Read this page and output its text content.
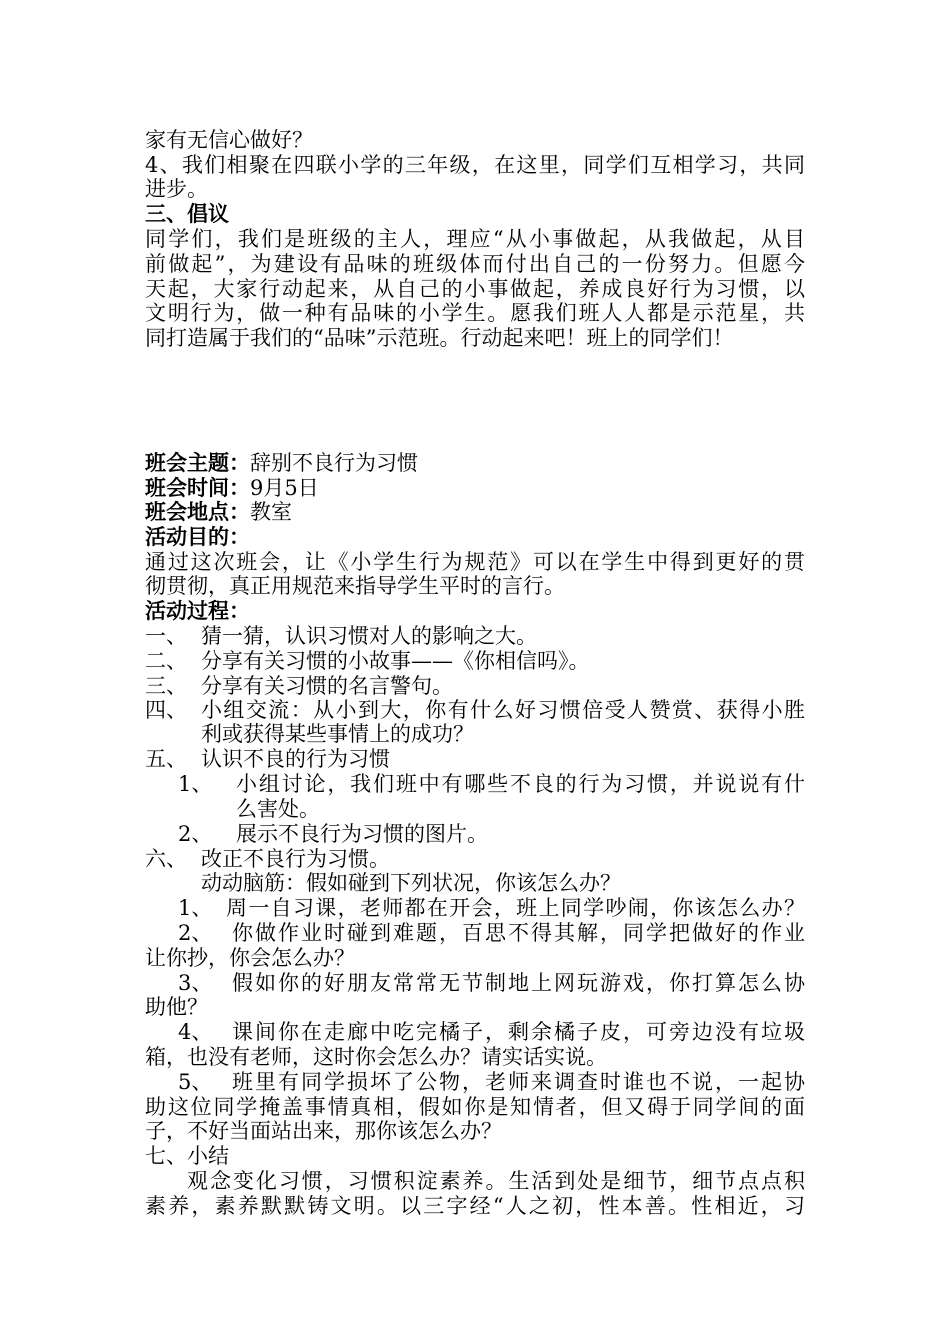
家有无信心做好？
4、我们相聚在四联小学的三年级，在这里，同学们互相学习，共同
进步。
三、倡议
同学们，我们是班级的主人，理应“从小事做起，从我做起，从目
前做起”，为建设有品味的班级体而付出自己的一份努力。但愿今
天起，大家行动起来，从自己的小事做起，养成良好行为习惯，以
文明行为，做一种有品味的小学生。愿我们班人人都是示范星，共
同打造属于我们的“品味”示范班。行动起来吧！班上的同学们！
班会主题：辞别不良行为习惯
班会时间：9月5日
班会地点：教室
活动目的：
通过这次班会，让《小学生行为规范》可以在学生中得到更好的贯
彻贯彻，真正用规范来指导学生平时的言行。
活动过程：
一、 猜一猜，认识习惯对人的影响之大。
二、 分享有关习惯的小故事——《你相信吗》。
三、 分享有关习惯的名言警句。
四、 小组交流：从小到大，你有什么好习惯倍受人赞赏、获得小胜
利或获得某些事情上的成功？
五、 认识不良的行为习惯
1、 小组讨论，我们班中有哪些不良的行为习惯，并说说有什
么害处。
2、 展示不良行为习惯的图片。
六、 改正不良行为习惯。
动动脑筋：假如碰到下列状况，你该怎么办？
1、 周一自习课，老师都在开会，班上同学吵闹，你该怎么办？
2、 你做作业时碰到难题，百思不得其解，同学把做好的作业
让你抄，你会怎么办？
3、 假如你的好朋友常常无节制地上网玩游戏，你打算怎么协
助他？
4、 课间你在走廊中吃完橘子，剩余橘子皮，可旁边没有垃圾
箱，也没有老师，这时你会怎么办？请实话实说。
5、 班里有同学损坏了公物，老师来调查时谁也不说，一起协
助这位同学掩盖事情真相，假如你是知情者，但又碍于同学间的面
子，不好当面站出来，那你该怎么办？
七、小结
观念变化习惯，习惯积淀素养。生活到处是细节，细节点点积
素养，素养默默铸文明。以三字经“人之初，性本善。性相近，习
